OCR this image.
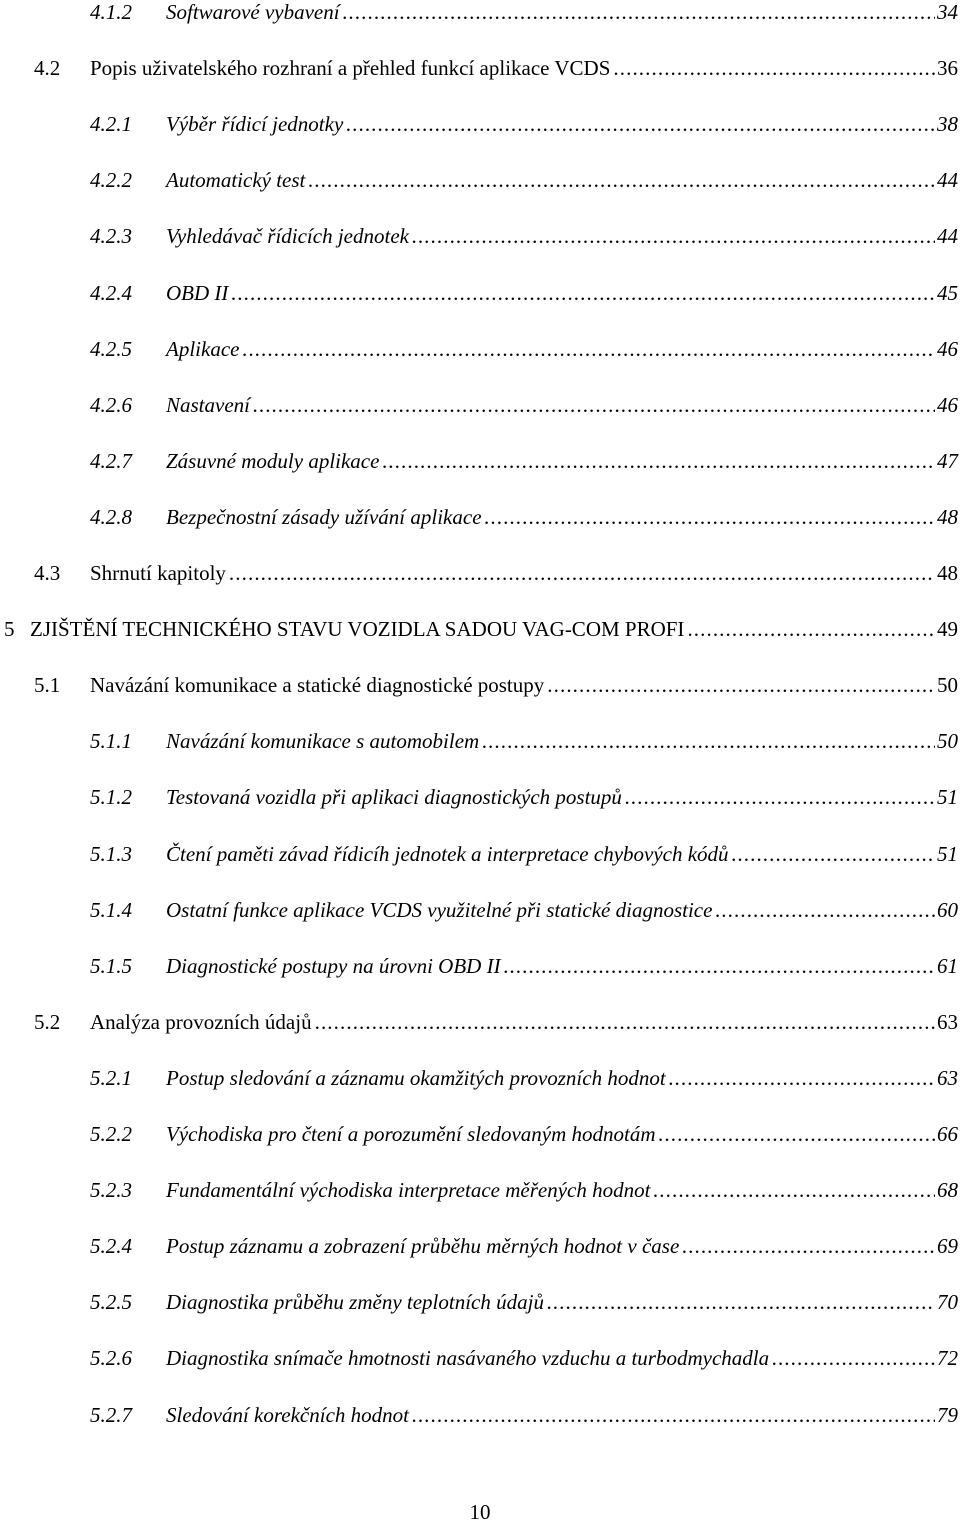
4.1.2 Softwarové vybavení .....	34
4.2 Popis uživatelského rozhraní a přehled funkcí aplikace VCDS .....	36
4.2.1 Výběr řídicí jednotky .....	38
4.2.2 Automatický test .....	44
4.2.3 Vyhledávač řídicích jednotek .....	44
4.2.4 OBD II .....	45
4.2.5 Aplikace .....	46
4.2.6 Nastavení .....	46
4.2.7 Zásuvné moduly aplikace .....	47
4.2.8 Bezpečnostní zásady užívání aplikace .....	48
4.3 Shrnutí kapitoly .....	48
5 ZJIŠTĚNÍ TECHNICKÉHO STAVU VOZIDLA SADOU VAG-COM PROFI .....	49
5.1 Navázání komunikace a statické diagnostické postupy .....	50
5.1.1 Navázání komunikace s automobilem .....	50
5.1.2 Testovaná vozidla při aplikaci diagnostických postupů .....	51
5.1.3 Čtení paměti závad řídicíh jednotek a interpretace chybových kódů .....	51
5.1.4 Ostatní funkce aplikace VCDS využitelné při statické diagnostice .....	60
5.1.5 Diagnostické postupy na úrovni OBD II .....	61
5.2 Analýza provozních údajů .....	63
5.2.1 Postup sledování a záznamu okamžitých provozních hodnot .....	63
5.2.2 Východiska pro čtení a porozumění sledovaným hodnotám .....	66
5.2.3 Fundamentální východiska interpretace měřených hodnot .....	68
5.2.4 Postup záznamu a zobrazení průběhu měrných hodnot v čase .....	69
5.2.5 Diagnostika průběhu změny teplotních údajů .....	70
5.2.6 Diagnostika snímače hmotnosti nasávaného vzduchu a turbodmychadla .....	72
5.2.7 Sledování korekčních hodnot .....	79
10
